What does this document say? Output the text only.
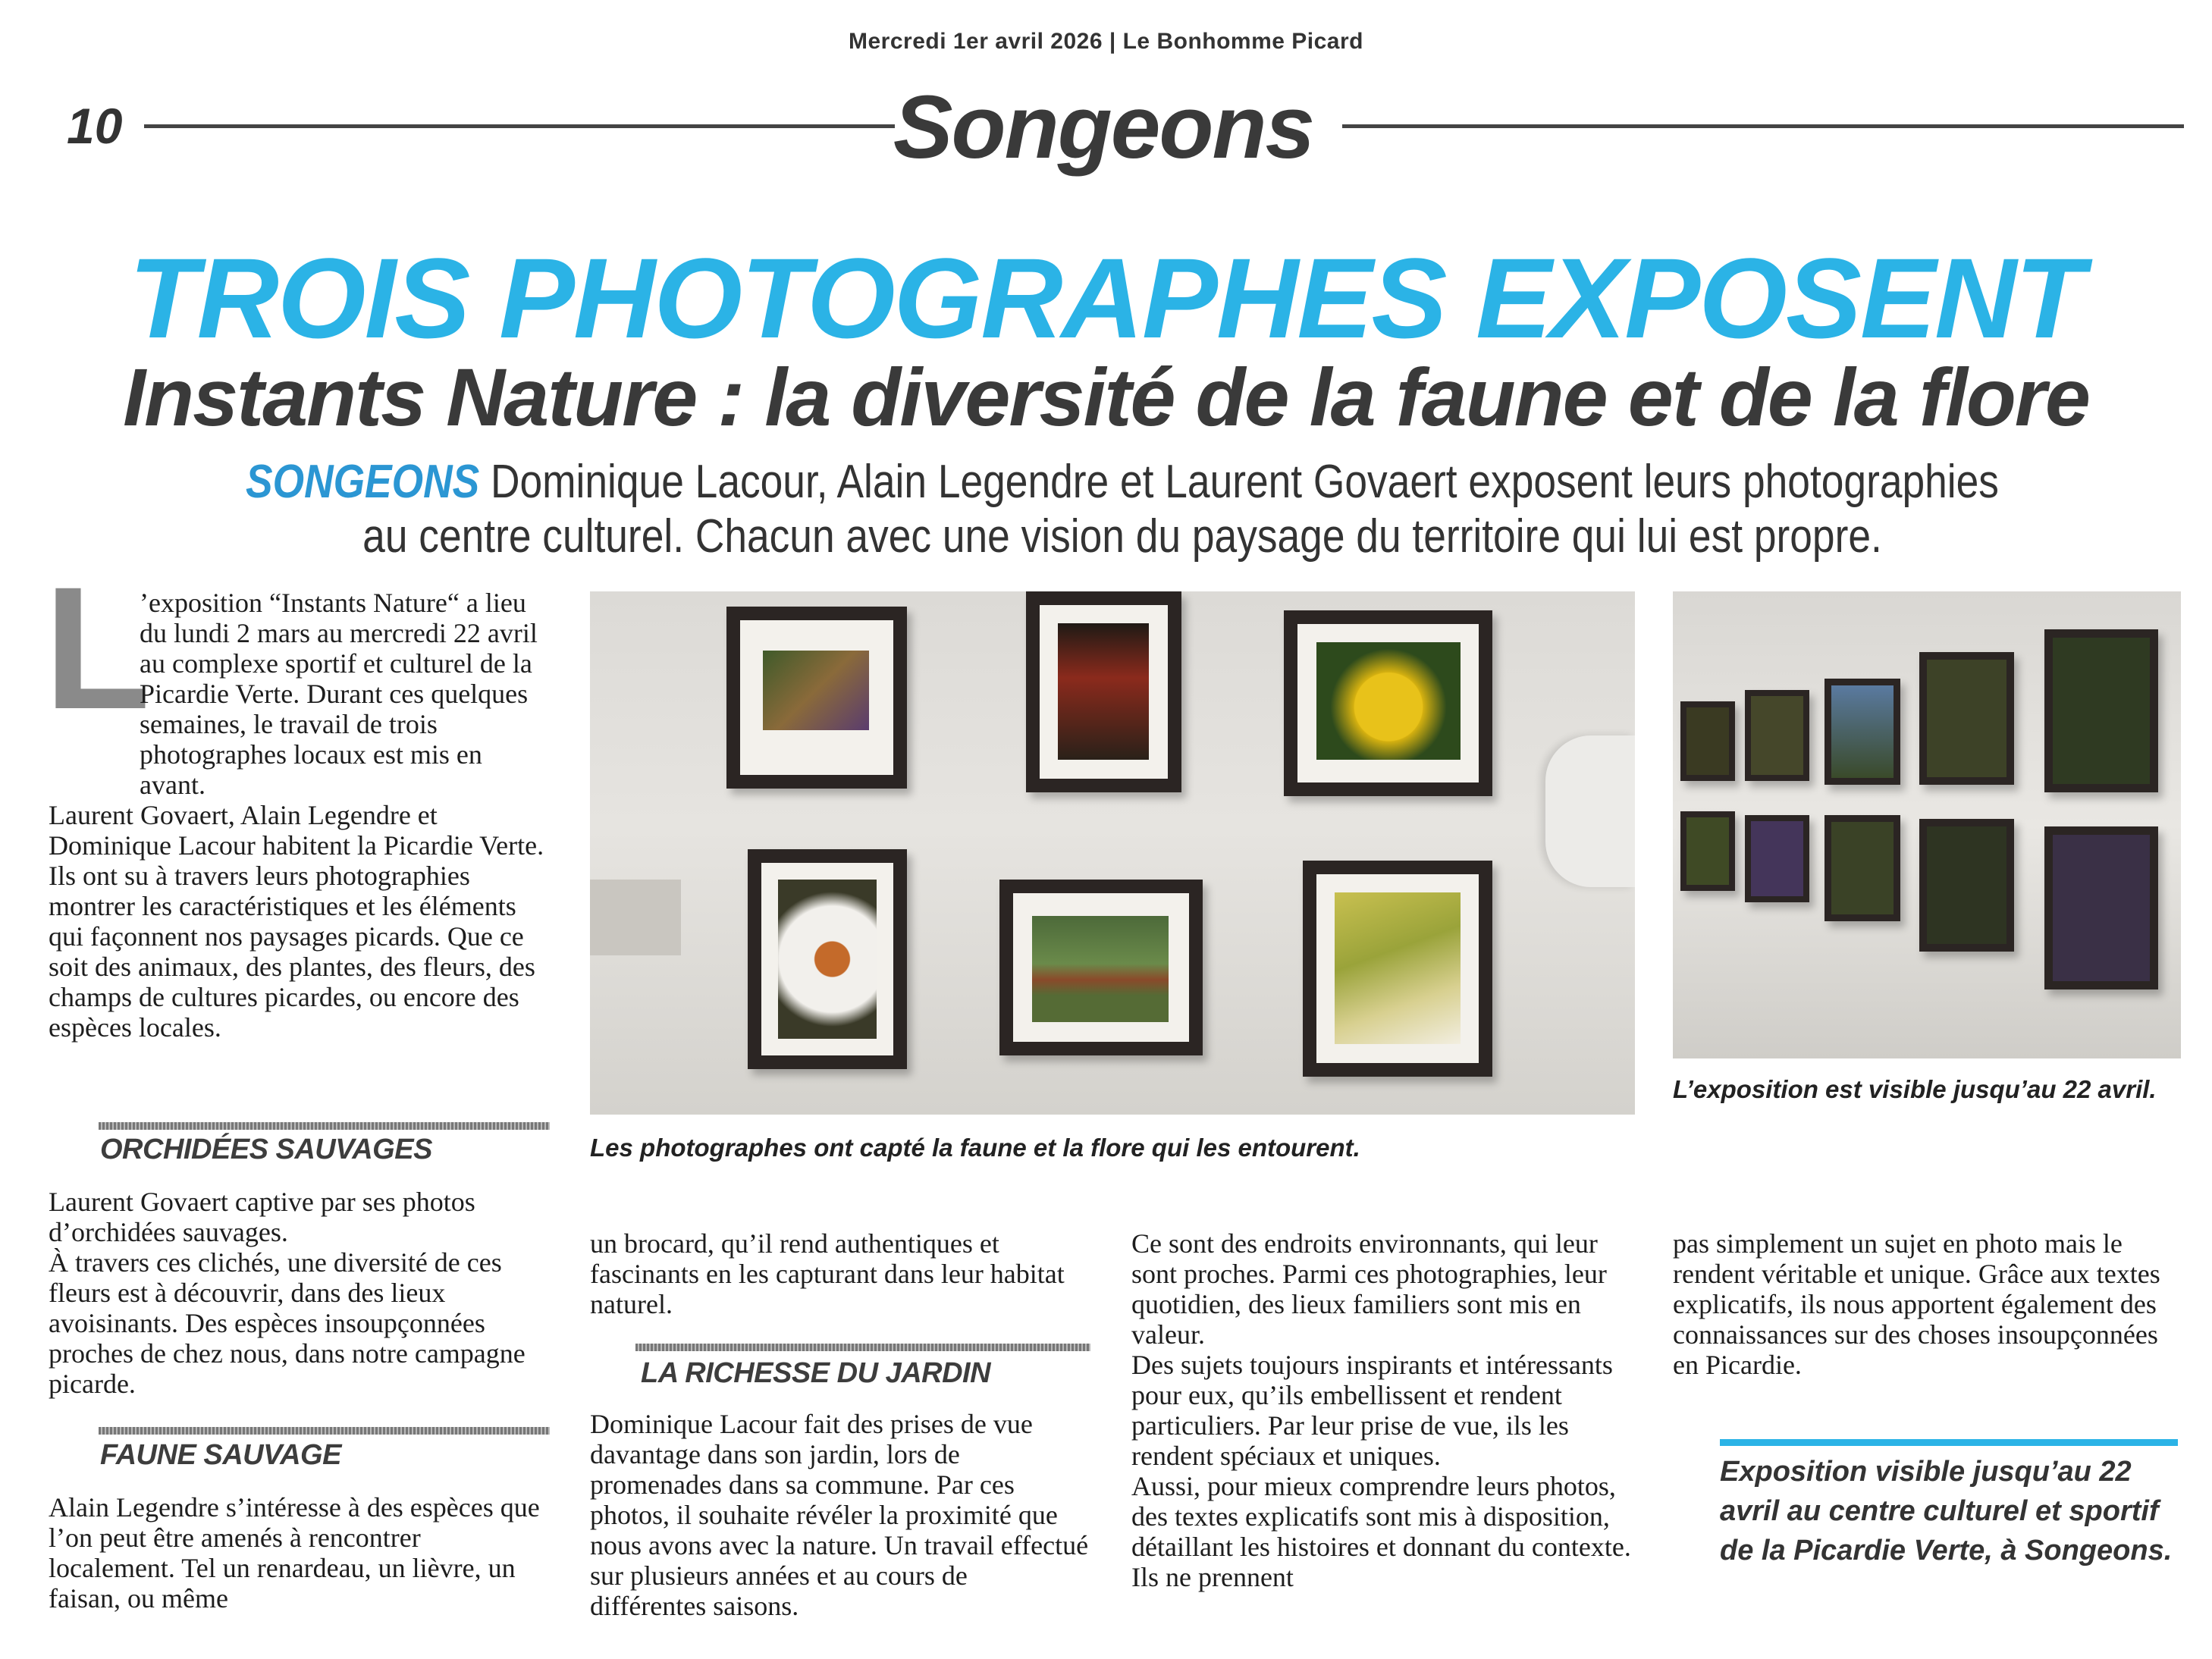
Mercredi 1er avril 2026 | Le Bonhomme Picard
10	Songeons
TROIS PHOTOGRAPHES EXPOSENT
Instants Nature : la diversité de la faune et de la flore
SONGEONS Dominique Lacour, Alain Legendre et Laurent Govaert exposent leurs photographies au centre culturel. Chacun avec une vision du paysage du territoire qui lui est propre.
L

’exposition “Instants Nature“ a lieu du lundi 2 mars au mercredi 22 avril au complexe sportif et culturel de la Picardie Verte. Durant ces quelques semaines, le travail de trois photographes locaux est mis en avant.

Laurent Govaert, Alain Legendre et Dominique Lacour habitent la Picardie Verte. Ils ont su à travers leurs photographies montrer les caractéristiques et les éléments qui façonnent nos paysages picards. Que ce soit des animaux, des plantes, des fleurs, des champs de cultures picardes, ou encore des espèces locales.

ORCHIDÉES SAUVAGES

Laurent Govaert captive par ses photos d’orchidées sauvages.

À travers ces clichés, une diversité de ces fleurs est à découvrir, dans des lieux avoisinants. Des espèces insoupçonnées proches de chez nous, dans notre campagne picarde.

FAUNE SAUVAGE

Alain Legendre s’intéresse à des espèces que l’on peut être amenés à rencontrer localement. Tel un renardeau, un lièvre, un faisan, ou même

Les photographes ont capté la faune et la flore qui les entourent.
L’exposition est visible jusqu’au 22 avril.

un brocard, qu’il rend authentiques et fascinants en les capturant dans leur habitat naturel.

LA RICHESSE DU JARDIN

Dominique Lacour fait des prises de vue davantage dans son jardin, lors de promenades dans sa commune. Par ces photos, il souhaite révéler la proximité que nous avons avec la nature. Un travail effectué sur plusieurs années et au cours de différentes saisons.

Ce sont des endroits environnants, qui leur sont proches. Parmi ces photographies, leur quotidien, des lieux familiers sont mis en valeur.

Des sujets toujours inspirants et intéressants pour eux, qu’ils embellissent et rendent particuliers. Par leur prise de vue, ils les rendent spéciaux et uniques.

Aussi, pour mieux comprendre leurs photos, des textes explicatifs sont mis à disposition, détaillant les histoires et donnant du contexte. Ils ne prennent

pas simplement un sujet en photo mais le rendent véritable et unique. Grâce aux textes explicatifs, ils nous apportent également des connaissances sur des choses insoupçonnées en Picardie.

Exposition visible jusqu’au 22 avril au centre culturel et sportif de la Picardie Verte, à Songeons.
